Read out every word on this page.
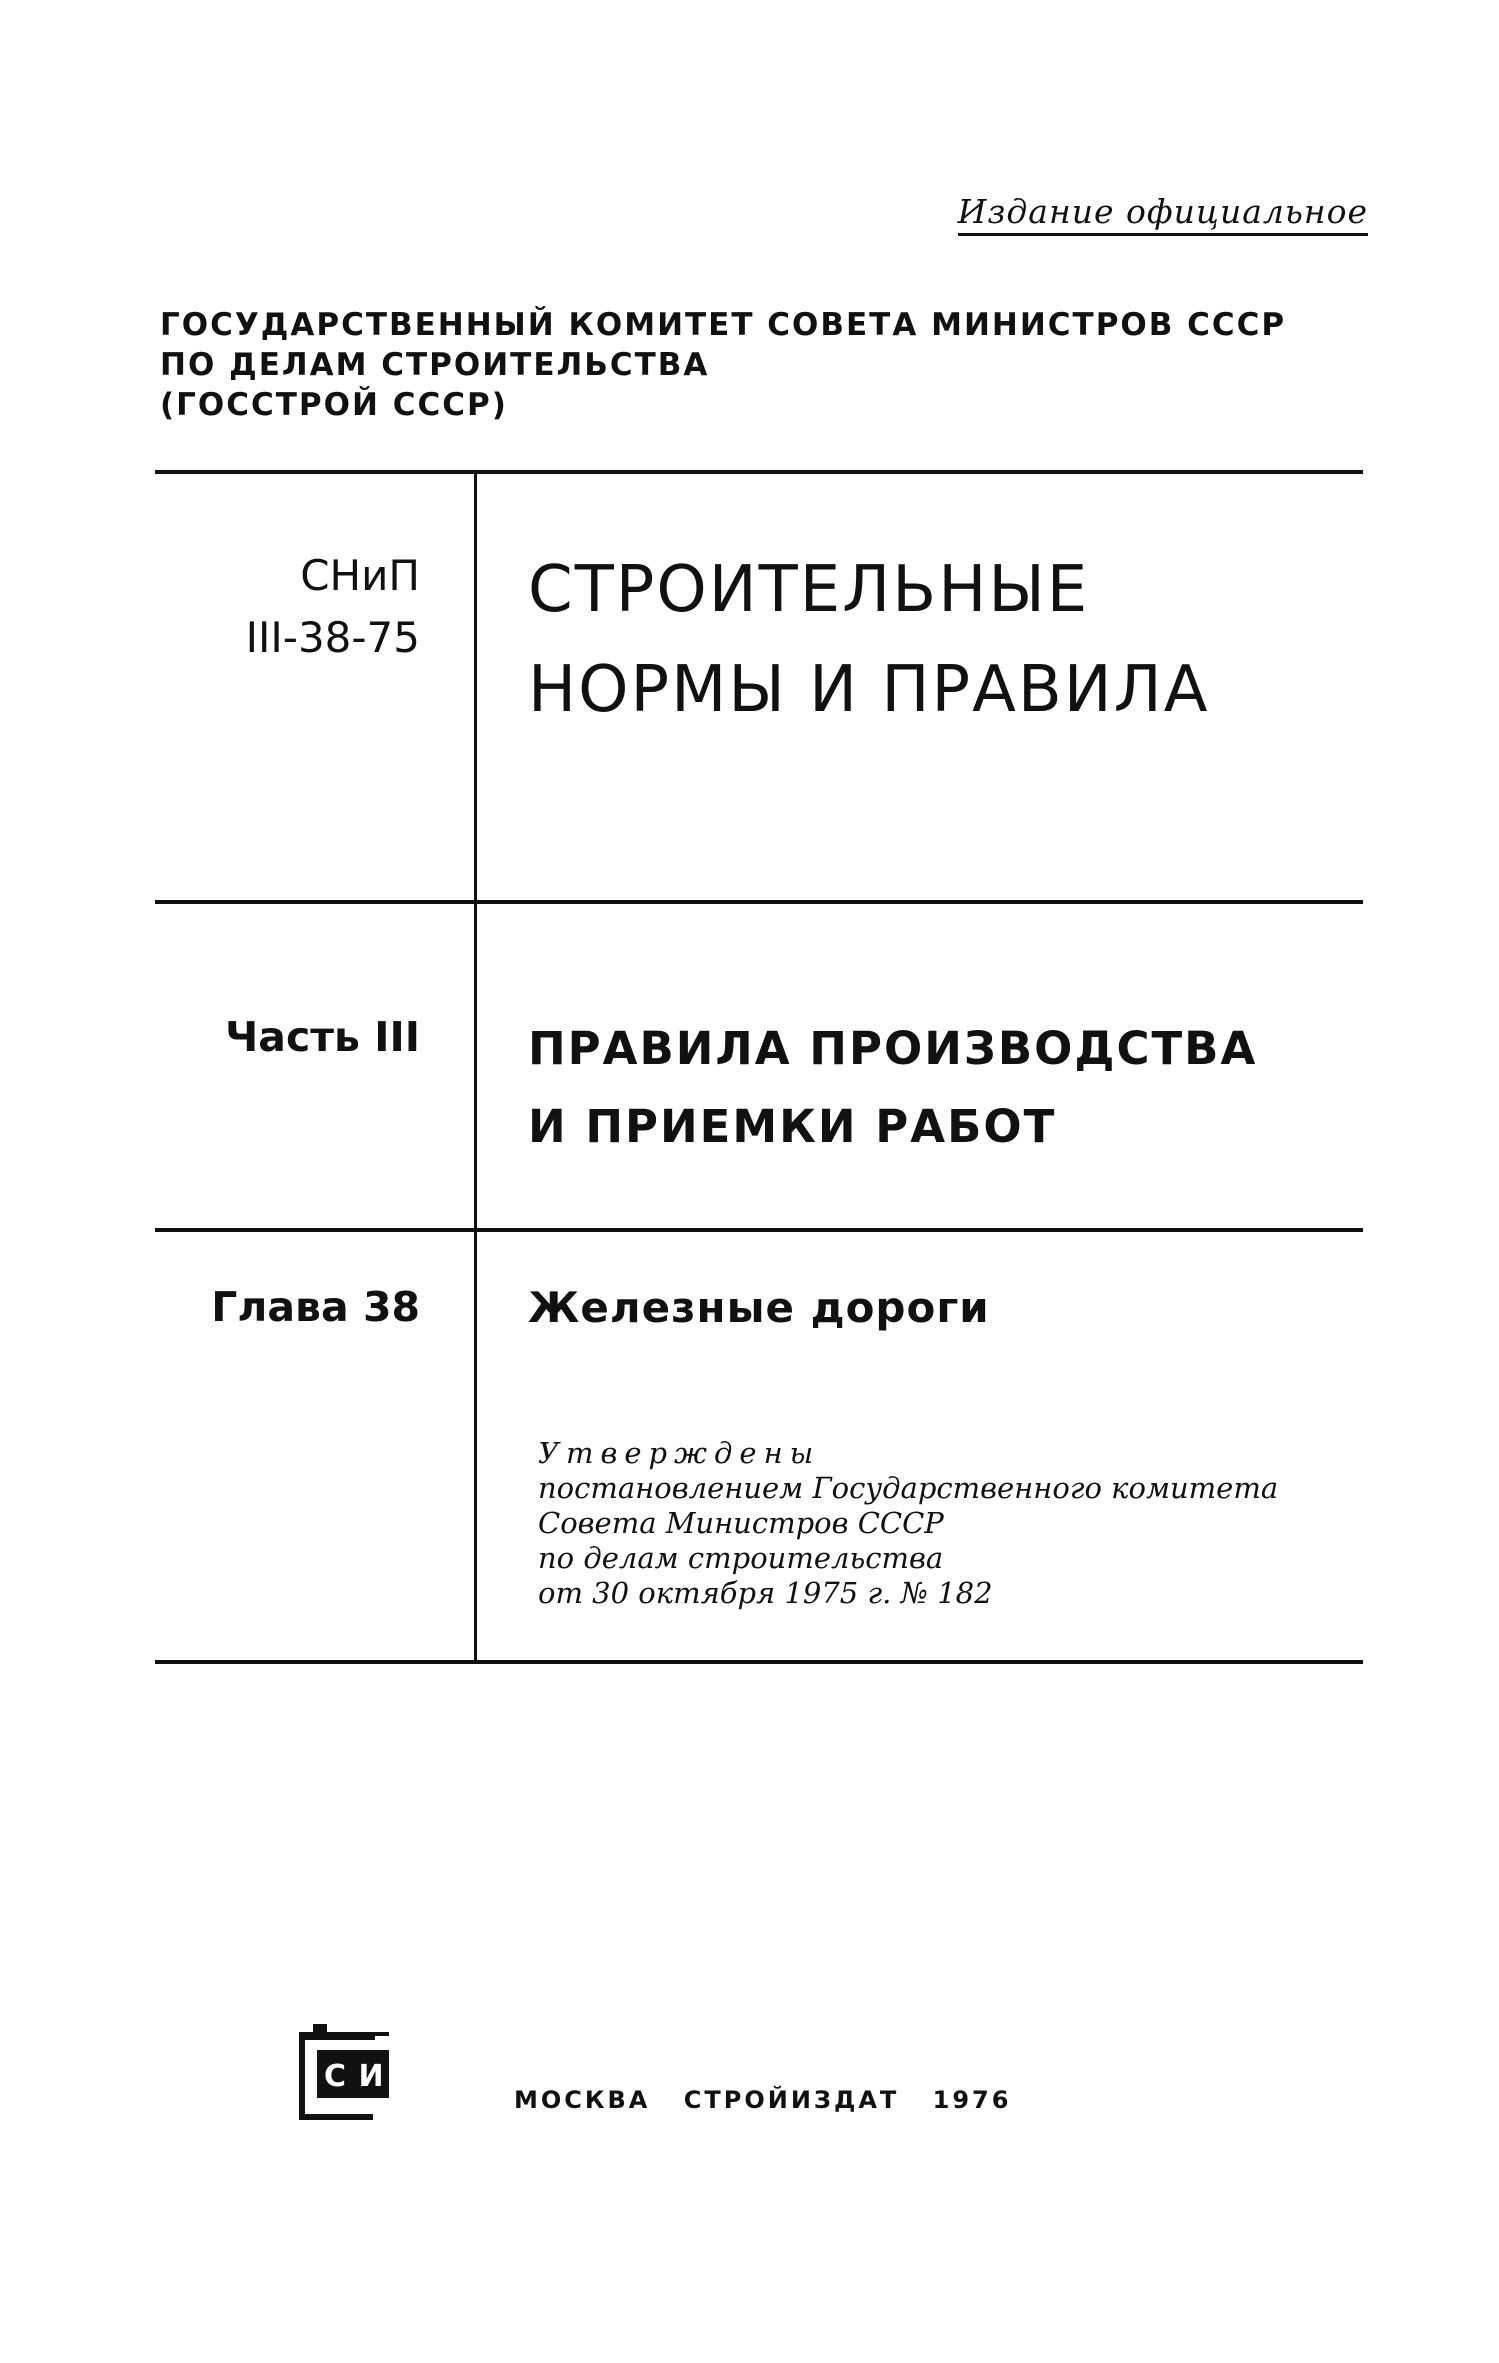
Издание официальное
ГОСУДАРСТВЕННЫЙ КОМИТЕТ СОВЕТА МИНИСТРОВ СССР
ПО ДЕЛАМ СТРОИТЕЛЬСТВА
(ГОССТРОЙ СССР)
СНиП
III-38-75
СТРОИТЕЛЬНЫЕ
НОРМЫ И ПРАВИЛА
Часть III ПРАВИЛА ПРОИЗВОДСТВА
И ПРИЕМКИ РАБОТ
Глава 38	Железные дороги
Утверждены
постановлением Государственного комитета
Совета Министров СССР
по делам строительства
от 30 октября 1975 г. № 182
С И
МОСКВА СТРОЙИЗДАТ 1976
